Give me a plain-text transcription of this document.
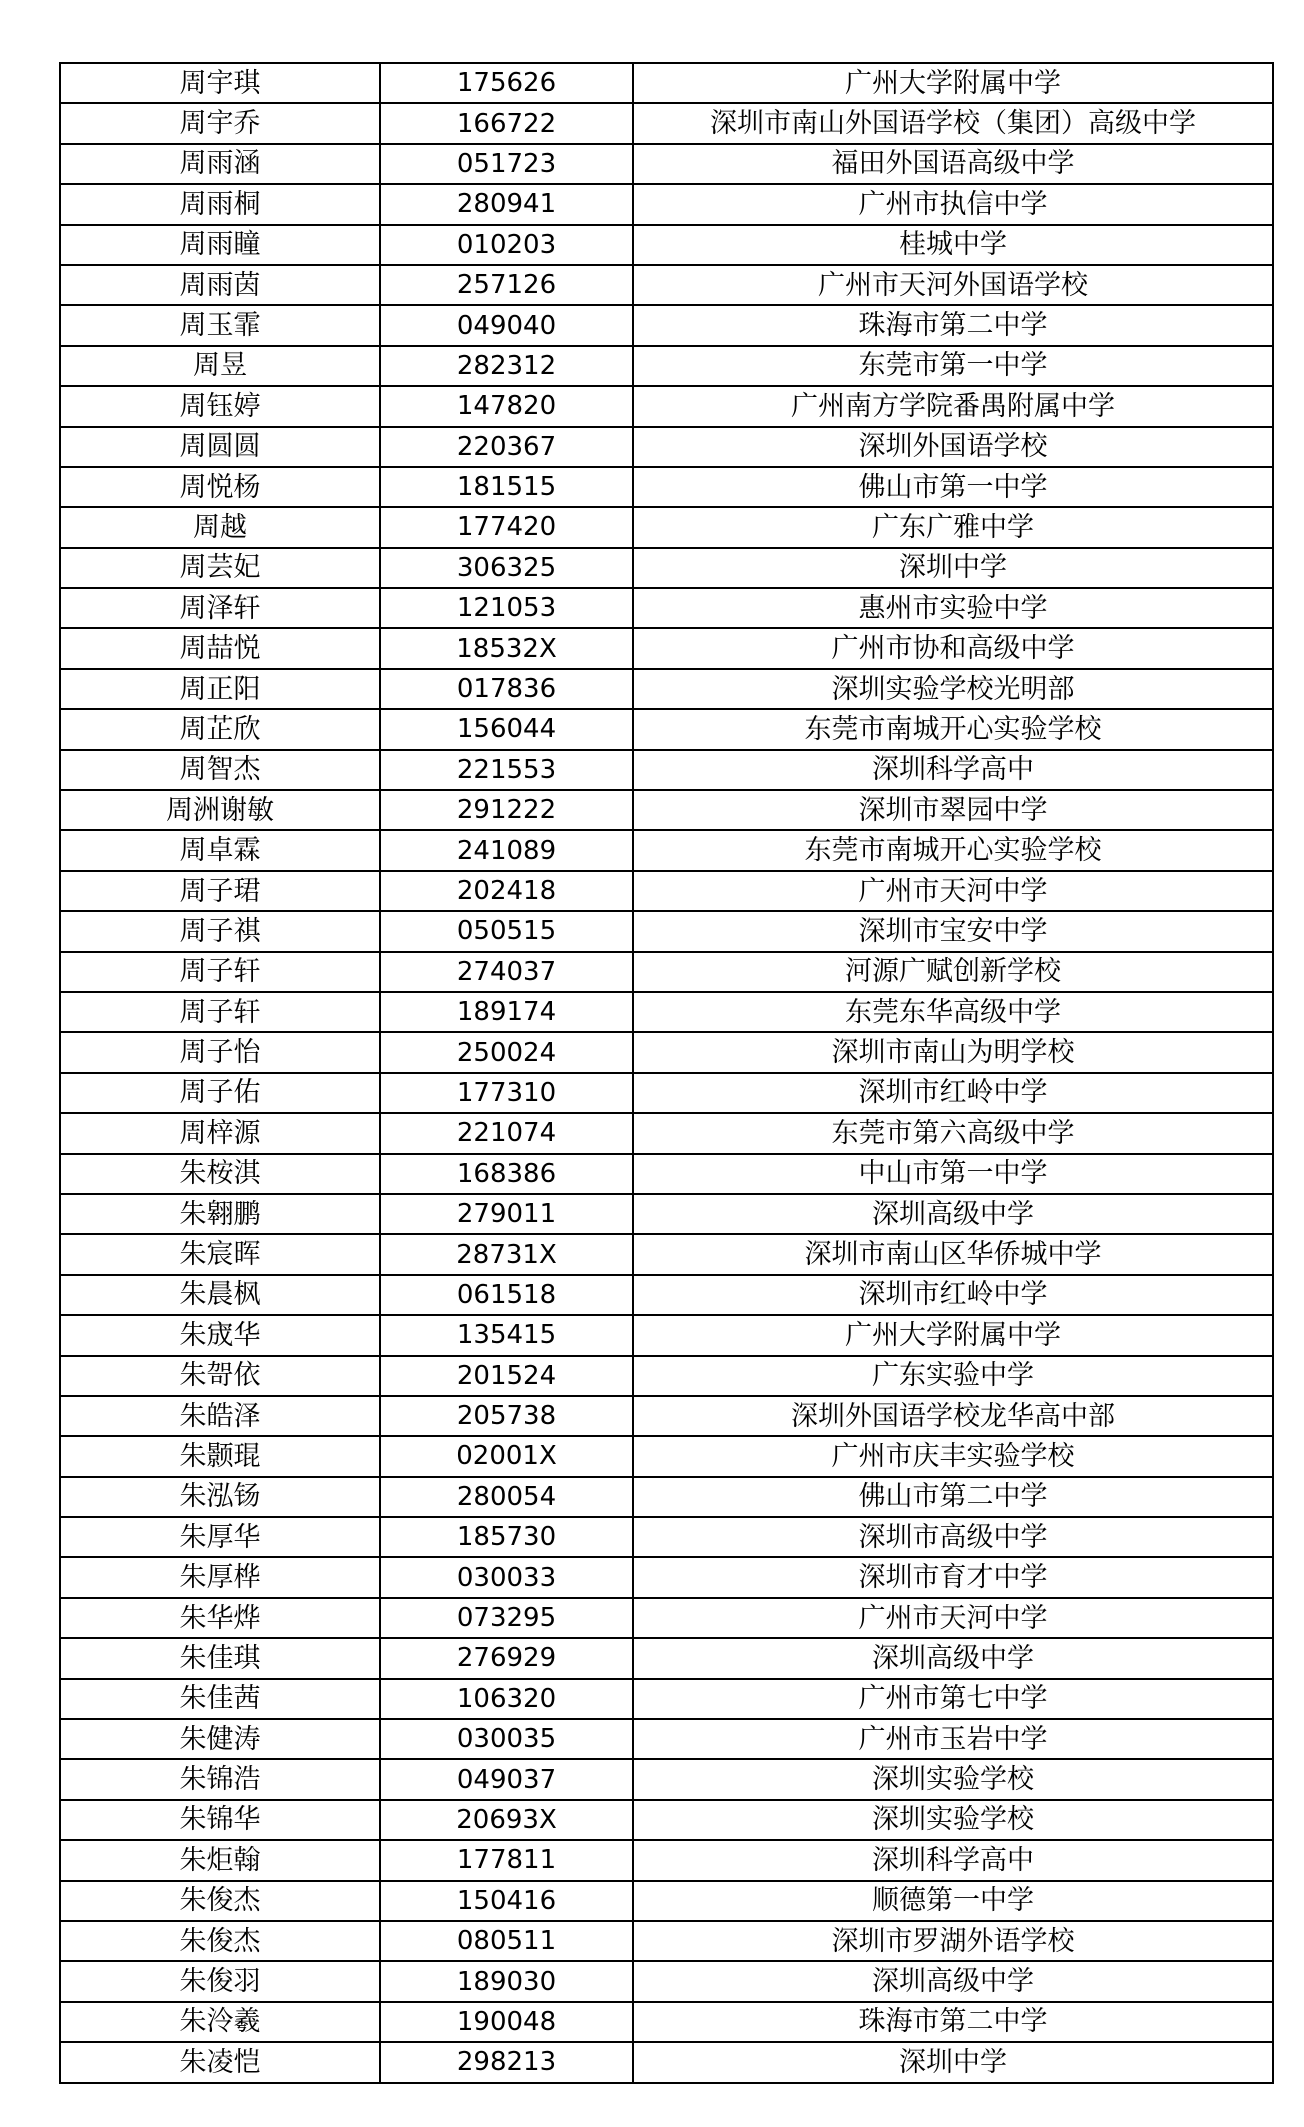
周宇琪	175626	广州大学附属中学
周宇乔	166722	深圳市南山外国语学校（集团）高级中学
周雨涵	051723	福田外国语高级中学
周雨桐	280941	广州市执信中学
周雨瞳	010203	桂城中学
周雨茵	257126	广州市天河外国语学校
周玉霏	049040	珠海市第二中学
周昱	282312	东莞市第一中学
周钰婷	147820	广州南方学院番禺附属中学
周圆圆	220367	深圳外国语学校
周悦杨	181515	佛山市第一中学
周越	177420	广东广雅中学
周芸妃	306325	深圳中学
周泽轩	121053	惠州市实验中学
周喆悦	18532X	广州市协和高级中学
周正阳	017836	深圳实验学校光明部
周芷欣	156044	东莞市南城开心实验学校
周智杰	221553	深圳科学高中
周洲谢敏	291222	深圳市翠园中学
周卓霖	241089	东莞市南城开心实验学校
周子珺	202418	广州市天河中学
周子祺	050515	深圳市宝安中学
周子轩	274037	河源广赋创新学校
周子轩	189174	东莞东华高级中学
周子怡	250024	深圳市南山为明学校
周子佑	177310	深圳市红岭中学
周梓源	221074	东莞市第六高级中学
朱桉淇	168386	中山市第一中学
朱翱鹏	279011	深圳高级中学
朱宸晖	28731X	深圳市南山区华侨城中学
朱晨枫	061518	深圳市红岭中学
朱宬华	135415	广州大学附属中学
朱哿依	201524	广东实验中学
朱皓泽	205738	深圳外国语学校龙华高中部
朱颢琨	02001X	广州市庆丰实验学校
朱泓钖	280054	佛山市第二中学
朱厚华	185730	深圳市高级中学
朱厚桦	030033	深圳市育才中学
朱华烨	073295	广州市天河中学
朱佳琪	276929	深圳高级中学
朱佳茜	106320	广州市第七中学
朱健涛	030035	广州市玉岩中学
朱锦浩	049037	深圳实验学校
朱锦华	20693X	深圳实验学校
朱炬翰	177811	深圳科学高中
朱俊杰	150416	顺德第一中学
朱俊杰	080511	深圳市罗湖外语学校
朱俊羽	189030	深圳高级中学
朱泠羲	190048	珠海市第二中学
朱凌恺	298213	深圳中学
